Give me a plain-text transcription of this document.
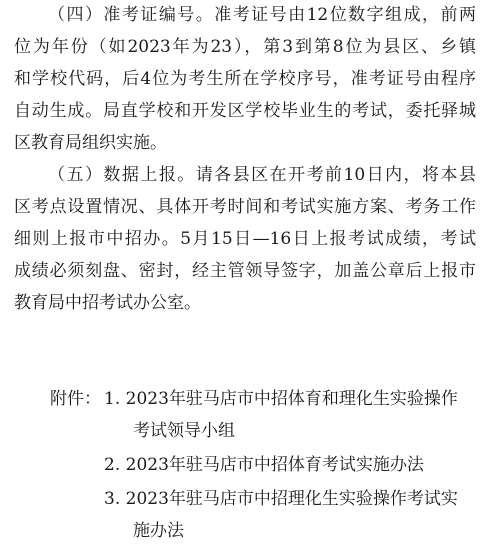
（四）准考证编号。准考证号由12位数字组成，前两
位为年份（如2023年为23），第3到第8位为县区、乡镇
和学校代码，后4位为考生所在学校序号，准考证号由程序
自动生成。局直学校和开发区学校毕业生的考试，委托驿城
区教育局组织实施。
（五）数据上报。请各县区在开考前10日内，将本县
区考点设置情况、具体开考时间和考试实施方案、考务工作
细则上报市中招办。5月15日—16日上报考试成绩，考试
成绩必须刻盘、密封，经主管领导签字，加盖公章后上报市
教育局中招考试办公室。
附件： 1. 2023年驻马店市中招体育和理化生实验操作
考试领导小组
2. 2023年驻马店市中招体育考试实施办法
3. 2023年驻马店市中招理化生实验操作考试实
施办法
